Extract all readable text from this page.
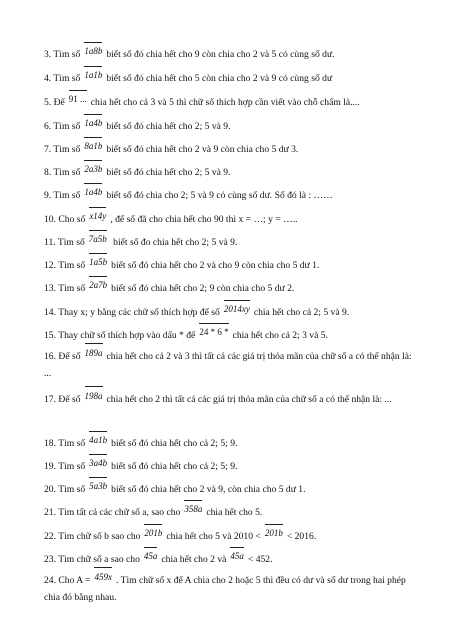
3. Tìm số 1a8b biết số đó chia hết cho 9 còn chia cho 2 và 5 có cùng số dư.
4. Tìm số 1a1b biết số đó chia hết cho 5 còn chia cho 2 và 9 có cùng số dư
5. Để 91 ... chia hết cho cả 3 và 5 thì chữ số thích hợp cần viết vào chỗ chấm là....
6. Tìm số 1a4b biết số đó chia hết cho 2; 5 và 9.
7. Tìm số 8a1b biết số đó chia hết cho 2 và 9 còn chia cho 5 dư 3.
8. Tìm số 2a3b biết số đó chia hết cho 2; 5 và 9.
9. Tìm số 1a4b biết số đó chia cho 2; 5 và 9 có cùng số dư. Số đó là : ……
10. Cho số x14y , để số đã cho chia hết cho 90 thì x = …; y = …..
11. Tìm số 7a5b biết số đo chia hết cho 2; 5 và 9.
12. Tìm số 1a5b biết số đó chia hết cho 2 và cho 9 còn chia cho 5 dư 1.
13. Tìm số 2a7b biết số đó chia hết cho 2; 9 còn chia cho 5 dư 2.
14. Thay x; y bằng các chữ số thích hợp để số 2014xy chia hết cho cả 2; 5 và 9.
15. Thay chữ số thích hợp vào dấu * để 24 * 6 * chia hết cho cả 2; 3 và 5.
16. Để số 189a chia hết cho cả 2 và 3 thì tất cả các giá trị thỏa mãn của chữ số a có thể nhận là: ...
17. Để số 198a chia hết cho 2 thì tất cả các giá trị thỏa mãn của chữ số a có thể nhận là: ...
18. Tìm số 4a1b biết số đó chia hết cho cả 2; 5; 9.
19. Tìm số 3a4b biết số đó chia hết cho cả 2; 5; 9.
20. Tìm số 5a3b biết số đó chia hết cho 2 và 9, còn chia cho 5 dư 1.
21. Tìm tất cả các chữ số a, sao cho 358a chia hết cho 5.
22. Tìm chữ số b sao cho 201b chia hết cho 5 và 2010 < 201b < 2016.
23. Tìm chữ số a sao cho 45a chia hết cho 2 và 45a < 452.
24. Cho A = 459x . Tìm chữ số x để A chia cho 2 hoặc 5 thì đều có dư và số dư trong hai phép chia đó bằng nhau.
